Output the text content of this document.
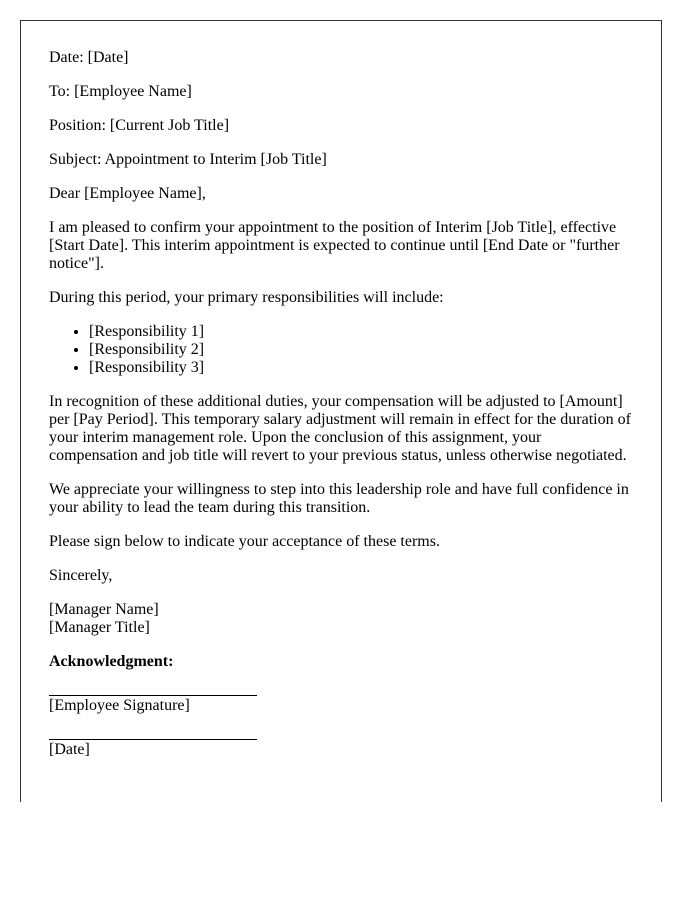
Date: [Date]

To: [Employee Name]

Position: [Current Job Title]

Subject: Appointment to Interim [Job Title]

Dear [Employee Name],

I am pleased to confirm your appointment to the position of Interim [Job Title], effective [Start Date]. This interim appointment is expected to continue until [End Date or "further notice"].

During this period, your primary responsibilities will include:

• [Responsibility 1]
• [Responsibility 2]
• [Responsibility 3]

In recognition of these additional duties, your compensation will be adjusted to [Amount] per [Pay Period]. This temporary salary adjustment will remain in effect for the duration of your interim management role. Upon the conclusion of this assignment, your compensation and job title will revert to your previous status, unless otherwise negotiated.

We appreciate your willingness to step into this leadership role and have full confidence in your ability to lead the team during this transition.

Please sign below to indicate your acceptance of these terms.

Sincerely,

[Manager Name]
[Manager Title]

Acknowledgment:

[Employee Signature]
[Date]
